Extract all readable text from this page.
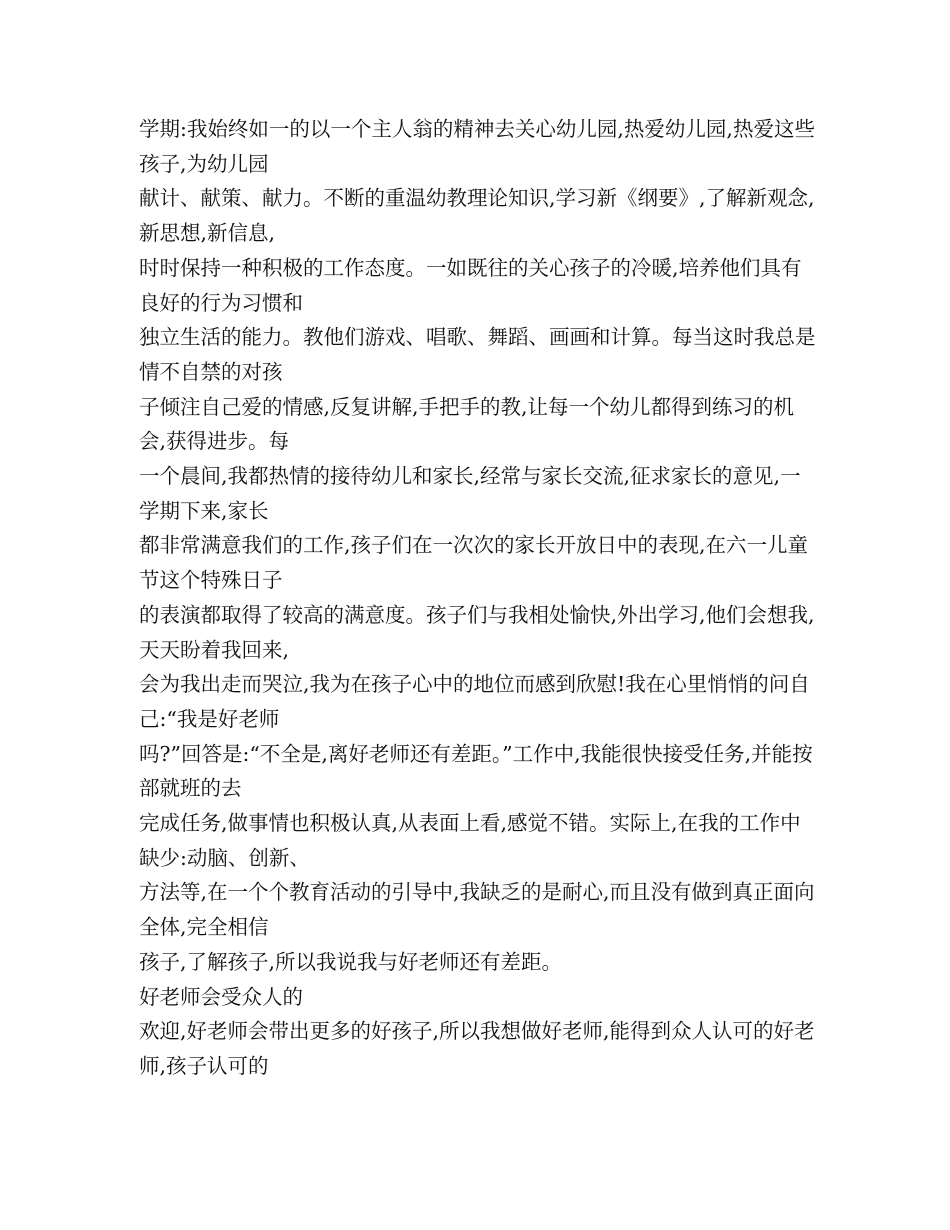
学期:我始终如一的以一个主人翁的精神去关心幼儿园,热爱幼儿园,热爱这些孩子,为幼儿园

献计、献策、献力。不断的重温幼教理论知识,学习新《纲要》,了解新观念,新思想,新信息,

时时保持一种积极的工作态度。一如既往的关心孩子的冷暖,培养他们具有良好的行为习惯和

独立生活的能力。教他们游戏、唱歌、舞蹈、画画和计算。每当这时我总是情不自禁的对孩

子倾注自己爱的情感,反复讲解,手把手的教,让每一个幼儿都得到练习的机会,获得进步。每

一个晨间,我都热情的接待幼儿和家长,经常与家长交流,征求家长的意见,一学期下来,家长

都非常满意我们的工作,孩子们在一次次的家长开放日中的表现,在六一儿童节这个特殊日子

的表演都取得了较高的满意度。孩子们与我相处愉快,外出学习,他们会想我,天天盼着我回来,

会为我出走而哭泣,我为在孩子心中的地位而感到欣慰!我在心里悄悄的问自己:“我是好老师

吗?”回答是:“不全是,离好老师还有差距。”工作中,我能很快接受任务,并能按部就班的去

完成任务,做事情也积极认真,从表面上看,感觉不错。实际上,在我的工作中缺少:动脑、创新、

方法等,在一个个教育活动的引导中,我缺乏的是耐心,而且没有做到真正面向全体,完全相信

孩子,了解孩子,所以我说我与好老师还有差距。

好老师会受众人的

欢迎,好老师会带出更多的好孩子,所以我想做好老师,能得到众人认可的好老师,孩子认可的
